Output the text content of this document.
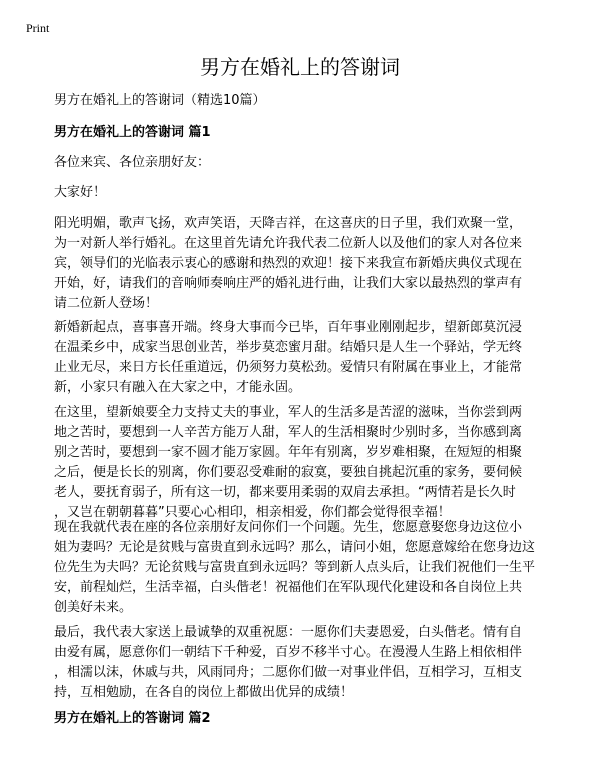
Print
男方在婚礼上的答谢词
男方在婚礼上的答谢词（精选10篇）
男方在婚礼上的答谢词 篇1
各位来宾、各位亲朋好友：
大家好！
阳光明媚，歌声飞扬，欢声笑语，天降吉祥，在这喜庆的日子里，我们欢聚一堂，
为一对新人举行婚礼。在这里首先请允许我代表二位新人以及他们的家人对各位来
宾，领导们的光临表示衷心的感谢和热烈的欢迎！接下来我宣布新婚庆典仪式现在
开始，好，请我们的音响师奏响庄严的婚礼进行曲，让我们大家以最热烈的掌声有
请二位新人登场！
新婚新起点，喜事喜开端。终身大事而今已毕，百年事业刚刚起步，望新郎莫沉浸
在温柔乡中，成家当思创业苦，举步莫恋蜜月甜。结婚只是人生一个驿站，学无终
止业无尽，来日方长任重道远，仍须努力莫松劲。爱情只有附属在事业上，才能常
新，小家只有融入在大家之中，才能永固。
在这里，望新娘要全力支持丈夫的事业，军人的生活多是苦涩的滋味，当你尝到两
地之苦时，要想到一人辛苦方能万人甜，军人的生活相聚时少别时多，当你感到离
别之苦时，要想到一家不圆才能万家圆。年年有别离，岁岁难相聚，在短短的相聚
之后，便是长长的别离，你们要忍受难耐的寂寞，要独自挑起沉重的家务，要伺候
老人，要抚育弱子，所有这一切，都来要用柔弱的双肩去承担。“两情若是长久时
，又岂在朝朝暮暮”只要心心相印，相亲相爱，你们都会觉得很幸福！
现在我就代表在座的各位亲朋好友问你们一个问题。先生，您愿意娶您身边这位小
姐为妻吗？无论是贫贱与富贵直到永远吗？那么，请问小姐，您愿意嫁给在您身边这
位先生为夫吗？无论贫贱与富贵直到永远吗？等到新人点头后，让我们祝他们一生平
安，前程灿烂，生活幸福，白头偕老！祝福他们在军队现代化建设和各自岗位上共
创美好未来。
最后，我代表大家送上最诚挚的双重祝愿：一愿你们夫妻恩爱，白头偕老。情有自
由爱有属，愿意你们一朝结下千种爱，百岁不移半寸心。在漫漫人生路上相依相伴
，相濡以沫，休戚与共，风雨同舟；二愿你们做一对事业伴侣，互相学习，互相支
持，互相勉励，在各自的岗位上都做出优异的成绩！
男方在婚礼上的答谢词 篇2
